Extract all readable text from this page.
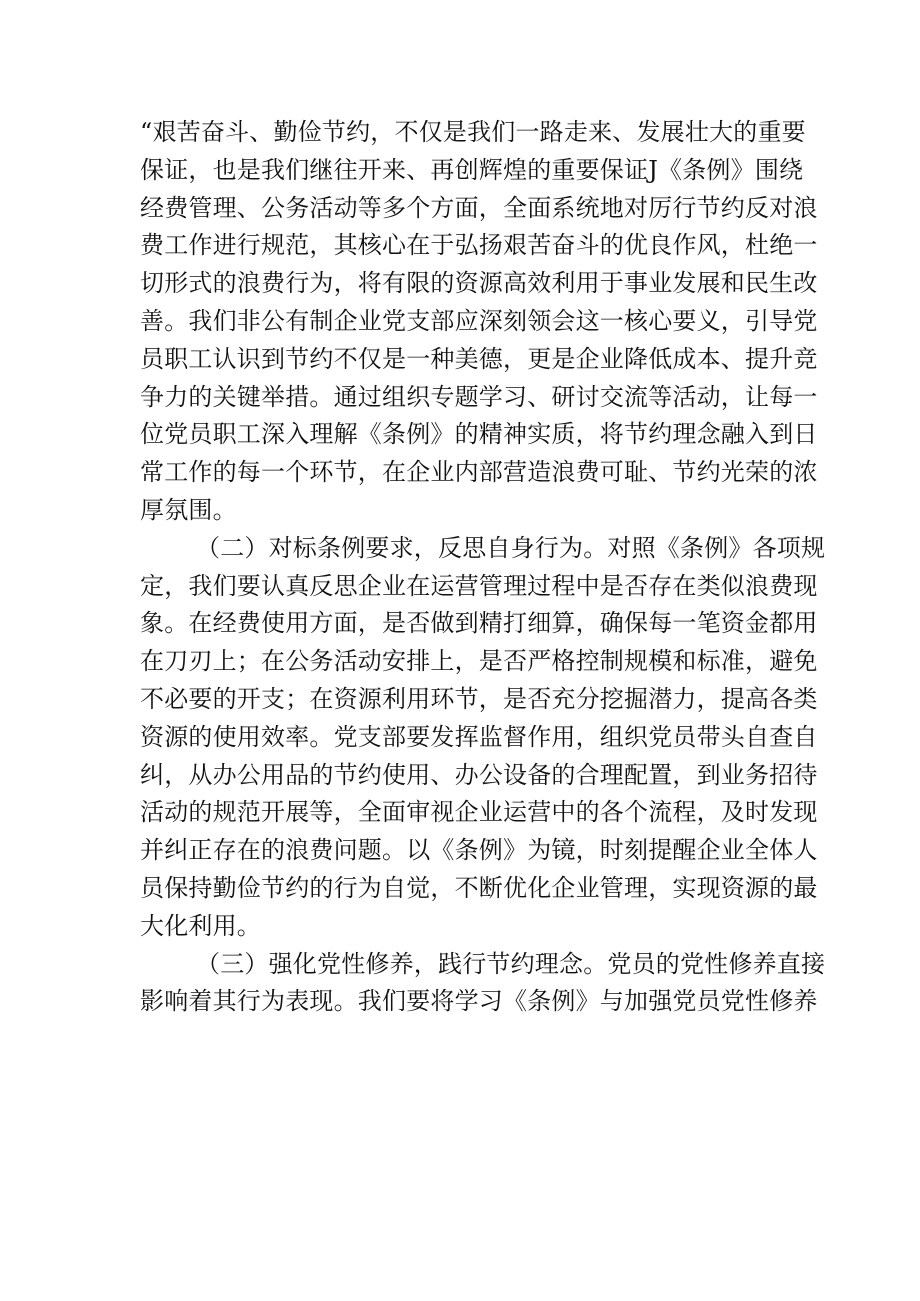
“艰苦奋斗、勤俭节约，不仅是我们一路走来、发展壮大的重要
保证，也是我们继往开来、再创辉煌的重要保证J《条例》围绕
经费管理、公务活动等多个方面，全面系统地对厉行节约反对浪
费工作进行规范，其核心在于弘扬艰苦奋斗的优良作风，杜绝一
切形式的浪费行为，将有限的资源高效利用于事业发展和民生改
善。我们非公有制企业党支部应深刻领会这一核心要义，引导党
员职工认识到节约不仅是一种美德，更是企业降低成本、提升竞
争力的关键举措。通过组织专题学习、研讨交流等活动，让每一
位党员职工深入理解《条例》的精神实质，将节约理念融入到日
常工作的每一个环节，在企业内部营造浪费可耻、节约光荣的浓
厚氛围。
（二）对标条例要求，反思自身行为。对照《条例》各项规
定，我们要认真反思企业在运营管理过程中是否存在类似浪费现
象。在经费使用方面，是否做到精打细算，确保每一笔资金都用
在刀刃上；在公务活动安排上，是否严格控制规模和标准，避免
不必要的开支；在资源利用环节，是否充分挖掘潜力，提高各类
资源的使用效率。党支部要发挥监督作用，组织党员带头自查自
纠，从办公用品的节约使用、办公设备的合理配置，到业务招待
活动的规范开展等，全面审视企业运营中的各个流程，及时发现
并纠正存在的浪费问题。以《条例》为镜，时刻提醒企业全体人
员保持勤俭节约的行为自觉，不断优化企业管理，实现资源的最
大化利用。
（三）强化党性修养，践行节约理念。党员的党性修养直接
影响着其行为表现。我们要将学习《条例》与加强党员党性修养
